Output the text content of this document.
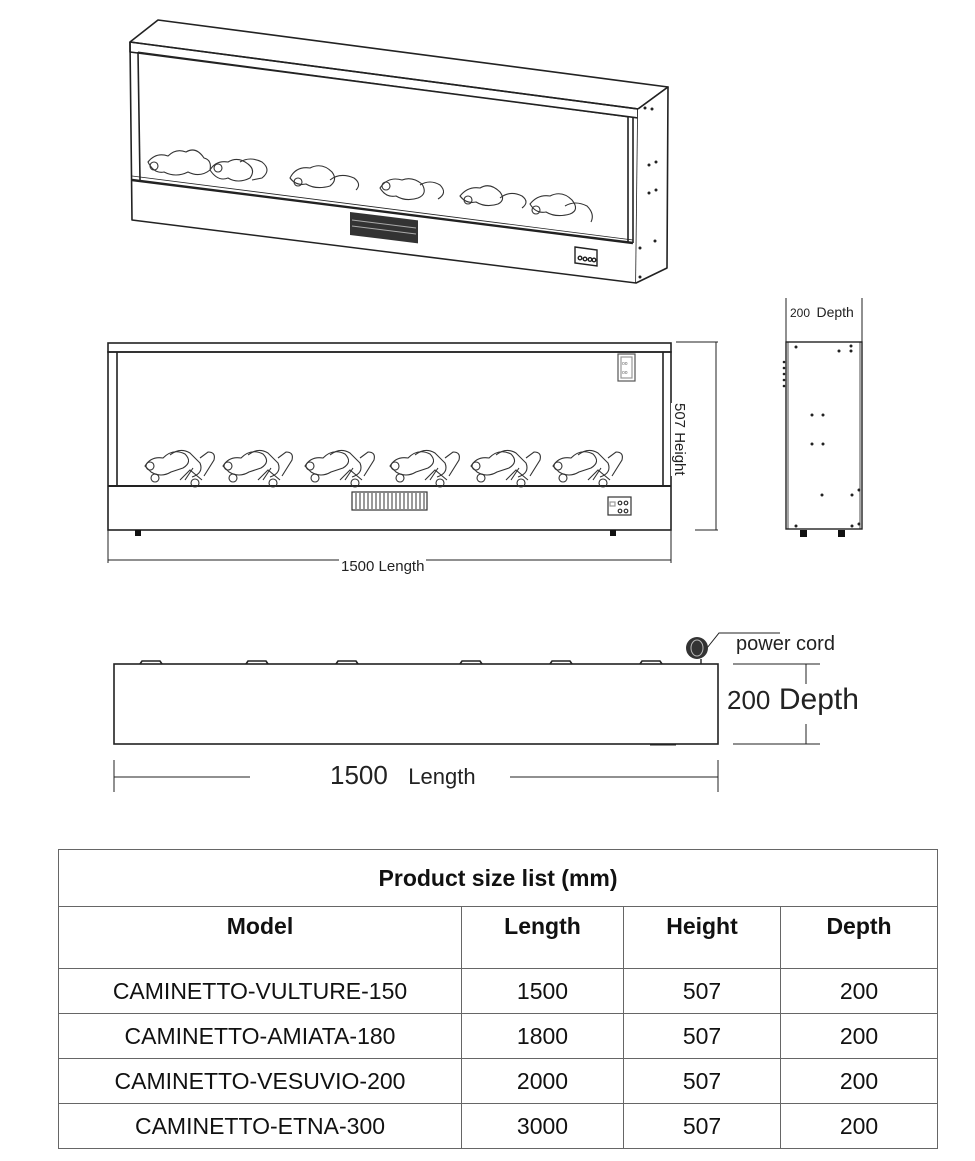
oo
oo
1500 Length
507 Height
200 Depth
power cord
200 Depth
1500 Length
Product size list (mm)			
Model	Length	Height	Depth
CAMINETTO-VULTURE-150	1500	507	200
CAMINETTO-AMIATA-180	1800	507	200
CAMINETTO-VESUVIO-200	2000	507	200
CAMINETTO-ETNA-300	3000	507	200
